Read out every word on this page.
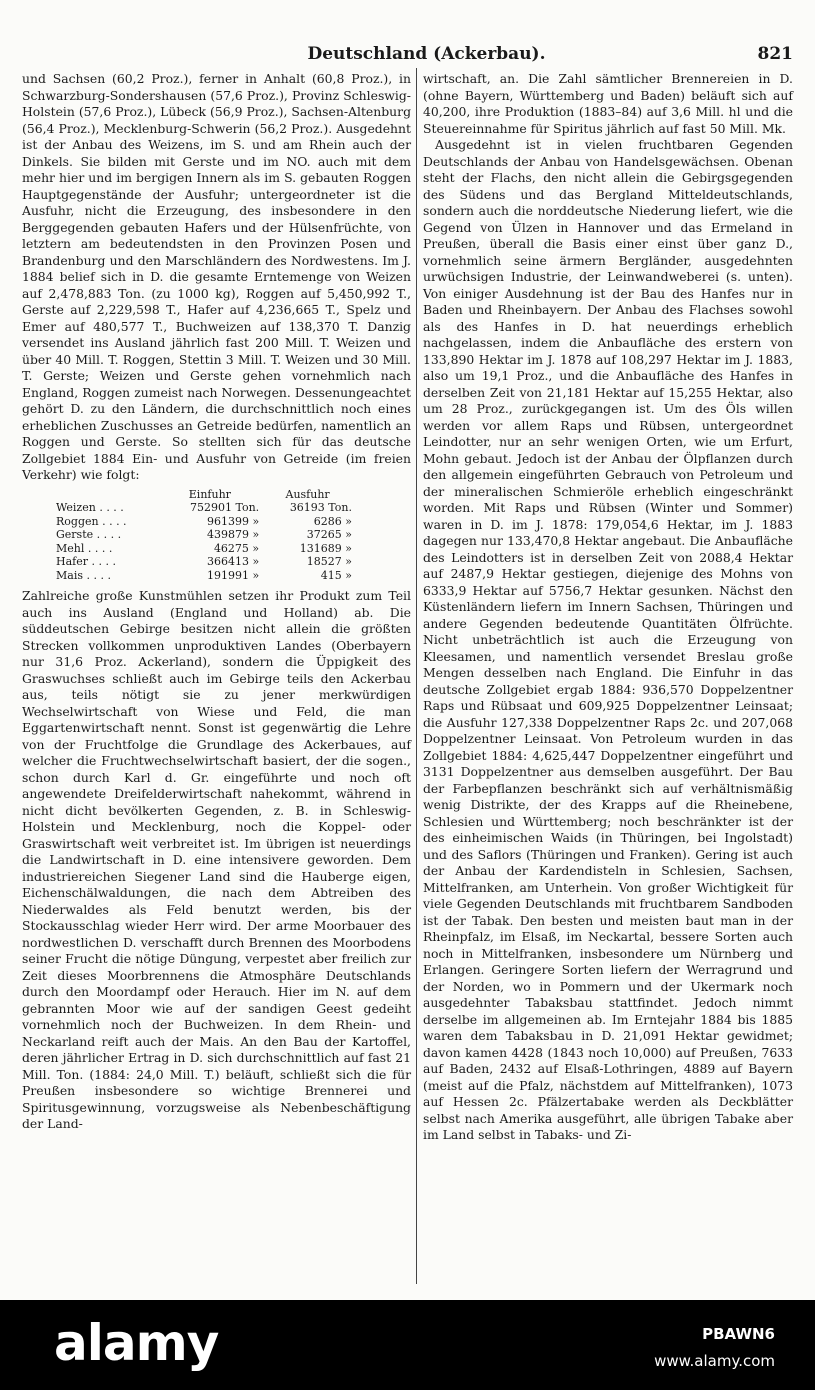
Deutschland (Ackerbau).	821

und Sachsen (60,2 Proz.), ferner in Anhalt (60,8 Proz.), in Schwarzburg-Sondershausen (57,6 Proz.), Provinz Schleswig-Holstein (57,6 Proz.), Lübeck (56,9 Proz.), Sachsen-Altenburg (56,4 Proz.), Mecklenburg-Schwerin (56,2 Proz.). Ausgedehnt ist der Anbau des Weizens, im S. und am Rhein auch der Dinkels. Sie bilden mit Gerste und im NO. auch mit dem mehr hier und im bergigen Innern als im S. gebauten Roggen Hauptgegenstände der Ausfuhr; untergeordneter ist die Ausfuhr, nicht die Erzeugung, des insbesondere in den Berggegenden gebauten Hafers und der Hülsenfrüchte, von letztern am bedeutendsten in den Provinzen Posen und Brandenburg und den Marschländern des Nordwestens. Im J. 1884 belief sich in D. die gesamte Erntemenge von Weizen auf 2,478,883 Ton. (zu 1000 kg), Roggen auf 5,450,992 T., Gerste auf 2,229,598 T., Hafer auf 4,236,665 T., Spelz und Emer auf 480,577 T., Buchweizen auf 138,370 T. Danzig versendet ins Ausland jährlich fast 200 Mill. T. Weizen und über 40 Mill. T. Roggen, Stettin 3 Mill. T. Weizen und 30 Mill. T. Gerste; Weizen und Gerste gehen vornehmlich nach England, Roggen zumeist nach Norwegen. Dessenungeachtet gehört D. zu den Ländern, die durchschnittlich noch eines erheblichen Zuschusses an Getreide bedürfen, namentlich an Roggen und Gerste. So stellten sich für das deutsche Zollgebiet 1884 Ein- und Ausfuhr von Getreide (im freien Verkehr) wie folgt:

	Einfuhr	Ausfuhr
Weizen . . . .	752901 Ton.	36193 Ton.
Roggen . . . .	961399 »	6286 »
Gerste . . . .	439879 »	37265 »
Mehl . . . .	46275 »	131689 »
Hafer . . . .	366413 »	18527 »
Mais . . . .	191991 »	415 »

Zahlreiche große Kunstmühlen setzen ihr Produkt zum Teil auch ins Ausland (England und Holland) ab. Die süddeutschen Gebirge besitzen nicht allein die größten Strecken vollkommen unproduktiven Landes (Oberbayern nur 31,6 Proz. Ackerland), sondern die Üppigkeit des Graswuchses schließt auch im Gebirge teils den Ackerbau aus, teils nötigt sie zu jener merkwürdigen Wechselwirtschaft von Wiese und Feld, die man Eggartenwirtschaft nennt. Sonst ist gegenwärtig die Lehre von der Fruchtfolge die Grundlage des Ackerbaues, auf welcher die Fruchtwechselwirtschaft basiert, der die sogen., schon durch Karl d. Gr. eingeführte und noch oft angewendete Dreifelderwirtschaft nahekommt, während in nicht dicht bevölkerten Gegenden, z. B. in Schleswig-Holstein und Mecklenburg, noch die Koppel- oder Graswirtschaft weit verbreitet ist. Im übrigen ist neuerdings die Landwirtschaft in D. eine intensivere geworden. Dem industriereichen Siegener Land sind die Hauberge eigen, Eichenschälwaldungen, die nach dem Abtreiben des Niederwaldes als Feld benutzt werden, bis der Stockausschlag wieder Herr wird. Der arme Moorbauer des nordwestlichen D. verschafft durch Brennen des Moorbodens seiner Frucht die nötige Düngung, verpestet aber freilich zur Zeit dieses Moorbrennens die Atmosphäre Deutschlands durch den Moordampf oder Herauch. Hier im N. auf dem gebrannten Moor wie auf der sandigen Geest gedeiht vornehmlich noch der Buchweizen. In dem Rhein- und Neckarland reift auch der Mais. An den Bau der Kartoffel, deren jährlicher Ertrag in D. sich durchschnittlich auf fast 21 Mill. Ton. (1884: 24,0 Mill. T.) beläuft, schließt sich die für Preußen insbesondere so wichtige Brennerei und Spiritusgewinnung, vorzugsweise als Nebenbeschäftigung der Land-

wirtschaft, an. Die Zahl sämtlicher Brennereien in D. (ohne Bayern, Württemberg und Baden) beläuft sich auf 40,200, ihre Produktion (1883–84) auf 3,6 Mill. hl und die Steuereinnahme für Spiritus jährlich auf fast 50 Mill. Mk.

Ausgedehnt ist in vielen fruchtbaren Gegenden Deutschlands der Anbau von Handelsgewächsen. Obenan steht der Flachs, den nicht allein die Gebirgsgegenden des Südens und das Bergland Mitteldeutschlands, sondern auch die norddeutsche Niederung liefert, wie die Gegend von Ülzen in Hannover und das Ermeland in Preußen, überall die Basis einer einst über ganz D., vornehmlich seine ärmern Bergländer, ausgedehnten urwüchsigen Industrie, der Leinwandweberei (s. unten). Von einiger Ausdehnung ist der Bau des Hanfes nur in Baden und Rheinbayern. Der Anbau des Flachses sowohl als des Hanfes in D. hat neuerdings erheblich nachgelassen, indem die Anbaufläche des erstern von 133,890 Hektar im J. 1878 auf 108,297 Hektar im J. 1883, also um 19,1 Proz., und die Anbaufläche des Hanfes in derselben Zeit von 21,181 Hektar auf 15,255 Hektar, also um 28 Proz., zurückgegangen ist. Um des Öls willen werden vor allem Raps und Rübsen, untergeordnet Leindotter, nur an sehr wenigen Orten, wie um Erfurt, Mohn gebaut. Jedoch ist der Anbau der Ölpflanzen durch den allgemein eingeführten Gebrauch von Petroleum und der mineralischen Schmieröle erheblich eingeschränkt worden. Mit Raps und Rübsen (Winter und Sommer) waren in D. im J. 1878: 179,054,6 Hektar, im J. 1883 dagegen nur 133,470,8 Hektar angebaut. Die Anbaufläche des Leindotters ist in derselben Zeit von 2088,4 Hektar auf 2487,9 Hektar gestiegen, diejenige des Mohns von 6333,9 Hektar auf 5756,7 Hektar gesunken. Nächst den Küstenländern liefern im Innern Sachsen, Thüringen und andere Gegenden bedeutende Quantitäten Ölfrüchte. Nicht unbeträchtlich ist auch die Erzeugung von Kleesamen, und namentlich versendet Breslau große Mengen desselben nach England. Die Einfuhr in das deutsche Zollgebiet ergab 1884: 936,570 Doppelzentner Raps und Rübsaat und 609,925 Doppelzentner Leinsaat; die Ausfuhr 127,338 Doppelzentner Raps 2c. und 207,068 Doppelzentner Leinsaat. Von Petroleum wurden in das Zollgebiet 1884: 4,625,447 Doppelzentner eingeführt und 3131 Doppelzentner aus demselben ausgeführt. Der Bau der Farbepflanzen beschränkt sich auf verhältnismäßig wenig Distrikte, der des Krapps auf die Rheinebene, Schlesien und Württemberg; noch beschränkter ist der des einheimischen Waids (in Thüringen, bei Ingolstadt) und des Saflors (Thüringen und Franken). Gering ist auch der Anbau der Kardendisteln in Schlesien, Sachsen, Mittelfranken, am Unterhein. Von großer Wichtigkeit für viele Gegenden Deutschlands mit fruchtbarem Sandboden ist der Tabak. Den besten und meisten baut man in der Rheinpfalz, im Elsaß, im Neckartal, bessere Sorten auch noch in Mittelfranken, insbesondere um Nürnberg und Erlangen. Geringere Sorten liefern der Werragrund und der Norden, wo in Pommern und der Ukermark noch ausgedehnter Tabaksbau stattfindet. Jedoch nimmt derselbe im allgemeinen ab. Im Erntejahr 1884 bis 1885 waren dem Tabaksbau in D. 21,091 Hektar gewidmet; davon kamen 4428 (1843 noch 10,000) auf Preußen, 7633 auf Baden, 2432 auf Elsaß-Lothringen, 4889 auf Bayern (meist auf die Pfalz, nächstdem auf Mittelfranken), 1073 auf Hessen 2c. Pfälzertabake werden als Deckblätter selbst nach Amerika ausgeführt, alle übrigen Tabake aber im Land selbst in Tabaks- und Zi-

alamy	PBAWN6
www.alamy.com
